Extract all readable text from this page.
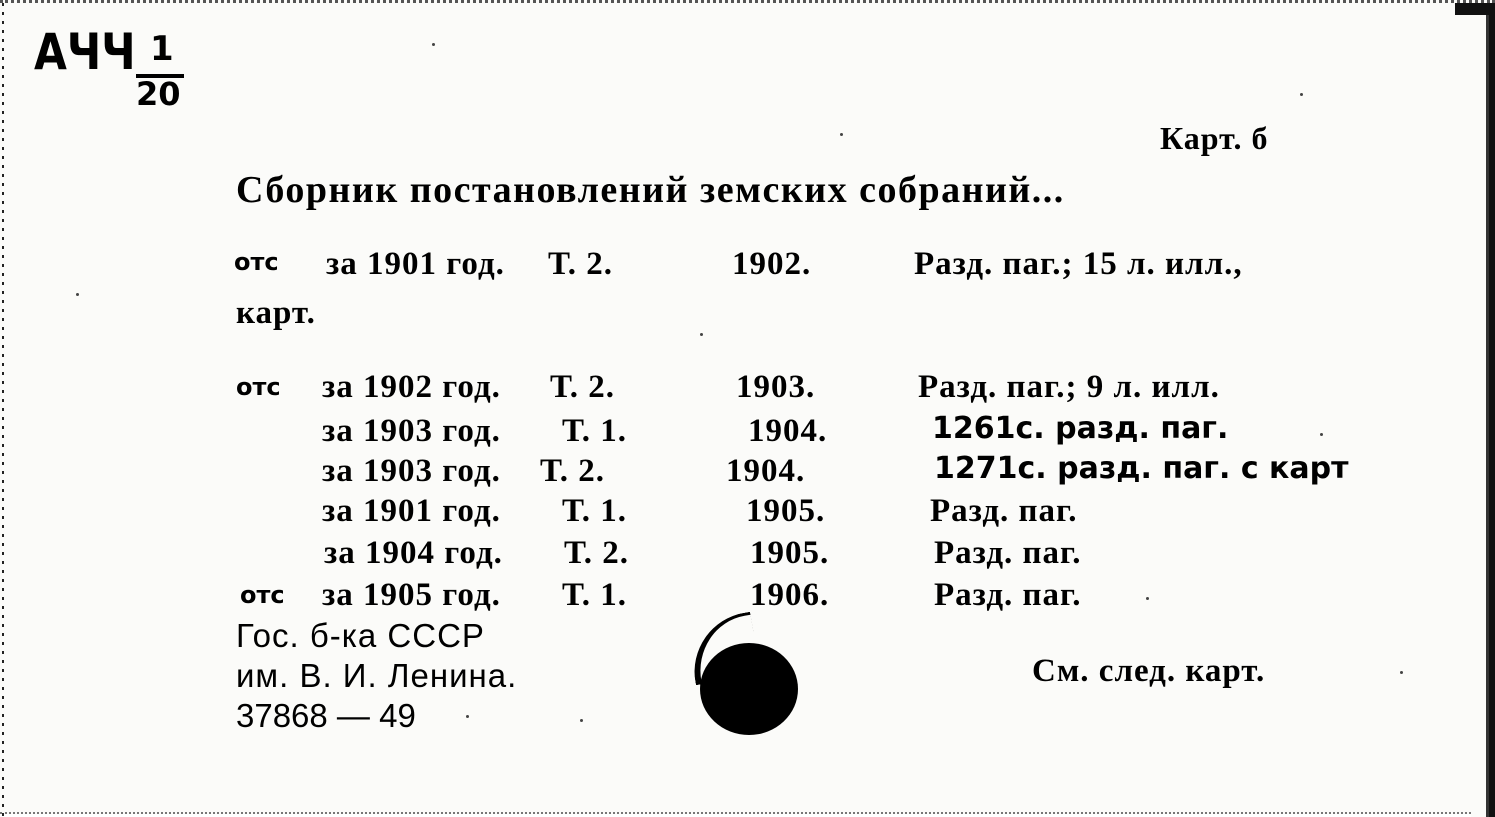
АЧЧ 1
20
Карт. б
Сборник постановлений земских собраний...
отс за 1901 год. Т. 2.	1902.	Разд. паг.; 15 л. илл.,
карт.
отс за 1902 год. Т. 2.	1903.	Разд. паг.; 9 л. илл.
за 1903 год. Т. 1.	1904.	1261с. разд. паг.
за 1903 год. Т. 2.	1904.	1271с. разд. паг. с карт
за 1901 год. Т. 1.	1905.	Разд. паг.
за 1904 год. Т. 2.	1905.	Разд. паг.
отс за 1905 год. Т. 1.	1906.	Разд. паг.
Гос. б-ка СССР
им. В. И. Ленина.
37868 — 49
См. след. карт.
